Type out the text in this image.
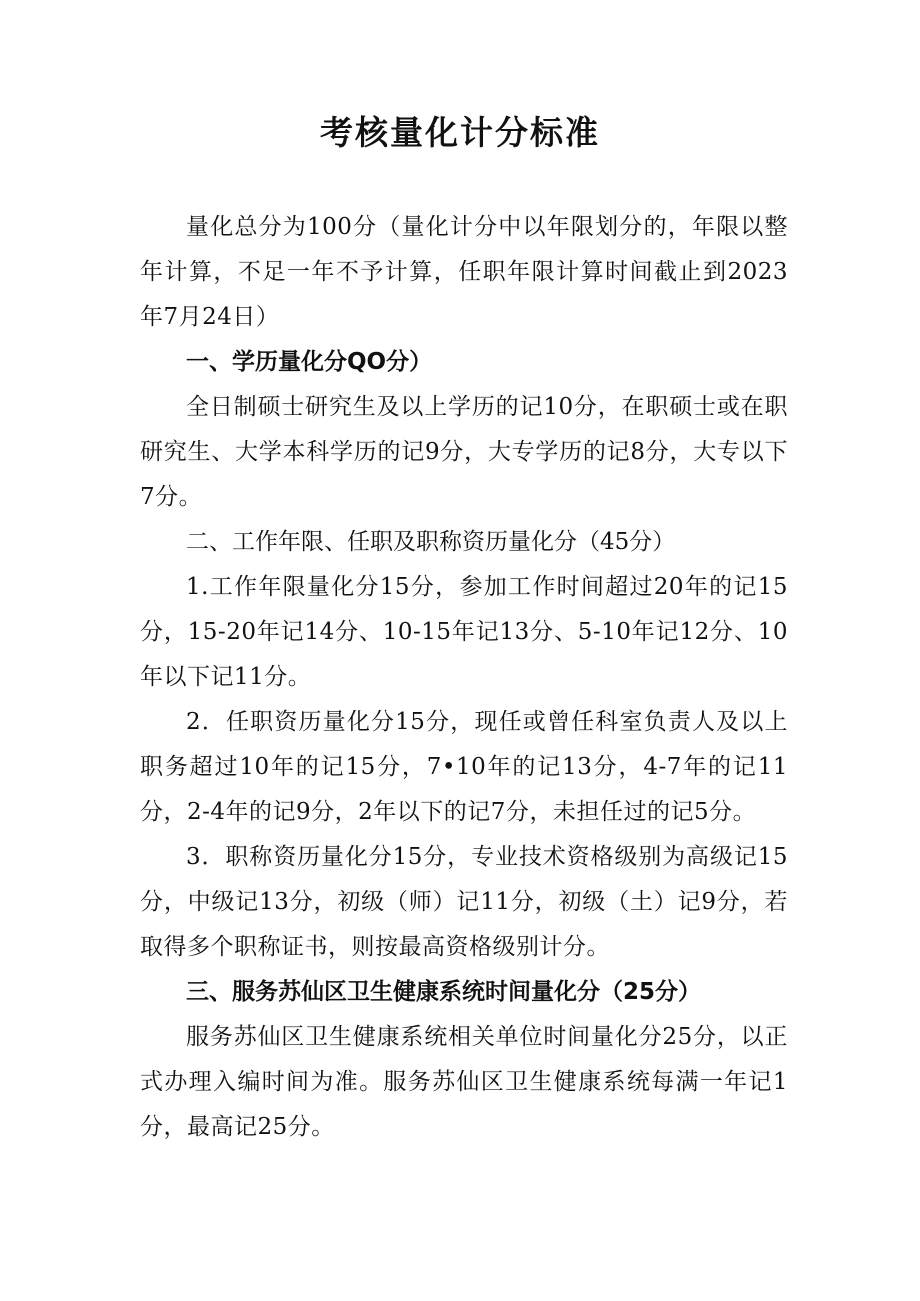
考核量化计分标准

量化总分为100分（量化计分中以年限划分的，年限以整年计算，不足一年不予计算，任职年限计算时间截止到2023年7月24日）

一、学历量化分QO分）

全日制硕士研究生及以上学历的记10分，在职硕士或在职研究生、大学本科学历的记9分，大专学历的记8分，大专以下7分。

二、工作年限、任职及职称资历量化分（45分）

1.工作年限量化分15分，参加工作时间超过20年的记15分，15-20年记14分、10-15年记13分、5-10年记12分、10年以下记11分。

2．任职资历量化分15分，现任或曾任科室负责人及以上职务超过10年的记15分，7•10年的记13分，4-7年的记11分，2-4年的记9分，2年以下的记7分，未担任过的记5分。

3．职称资历量化分15分，专业技术资格级别为高级记15分，中级记13分，初级（师）记11分，初级（土）记9分，若取得多个职称证书，则按最高资格级别计分。

三、服务苏仙区卫生健康系统时间量化分（25分）

服务苏仙区卫生健康系统相关单位时间量化分25分，以正式办理入编时间为准。服务苏仙区卫生健康系统每满一年记1分，最高记25分。
